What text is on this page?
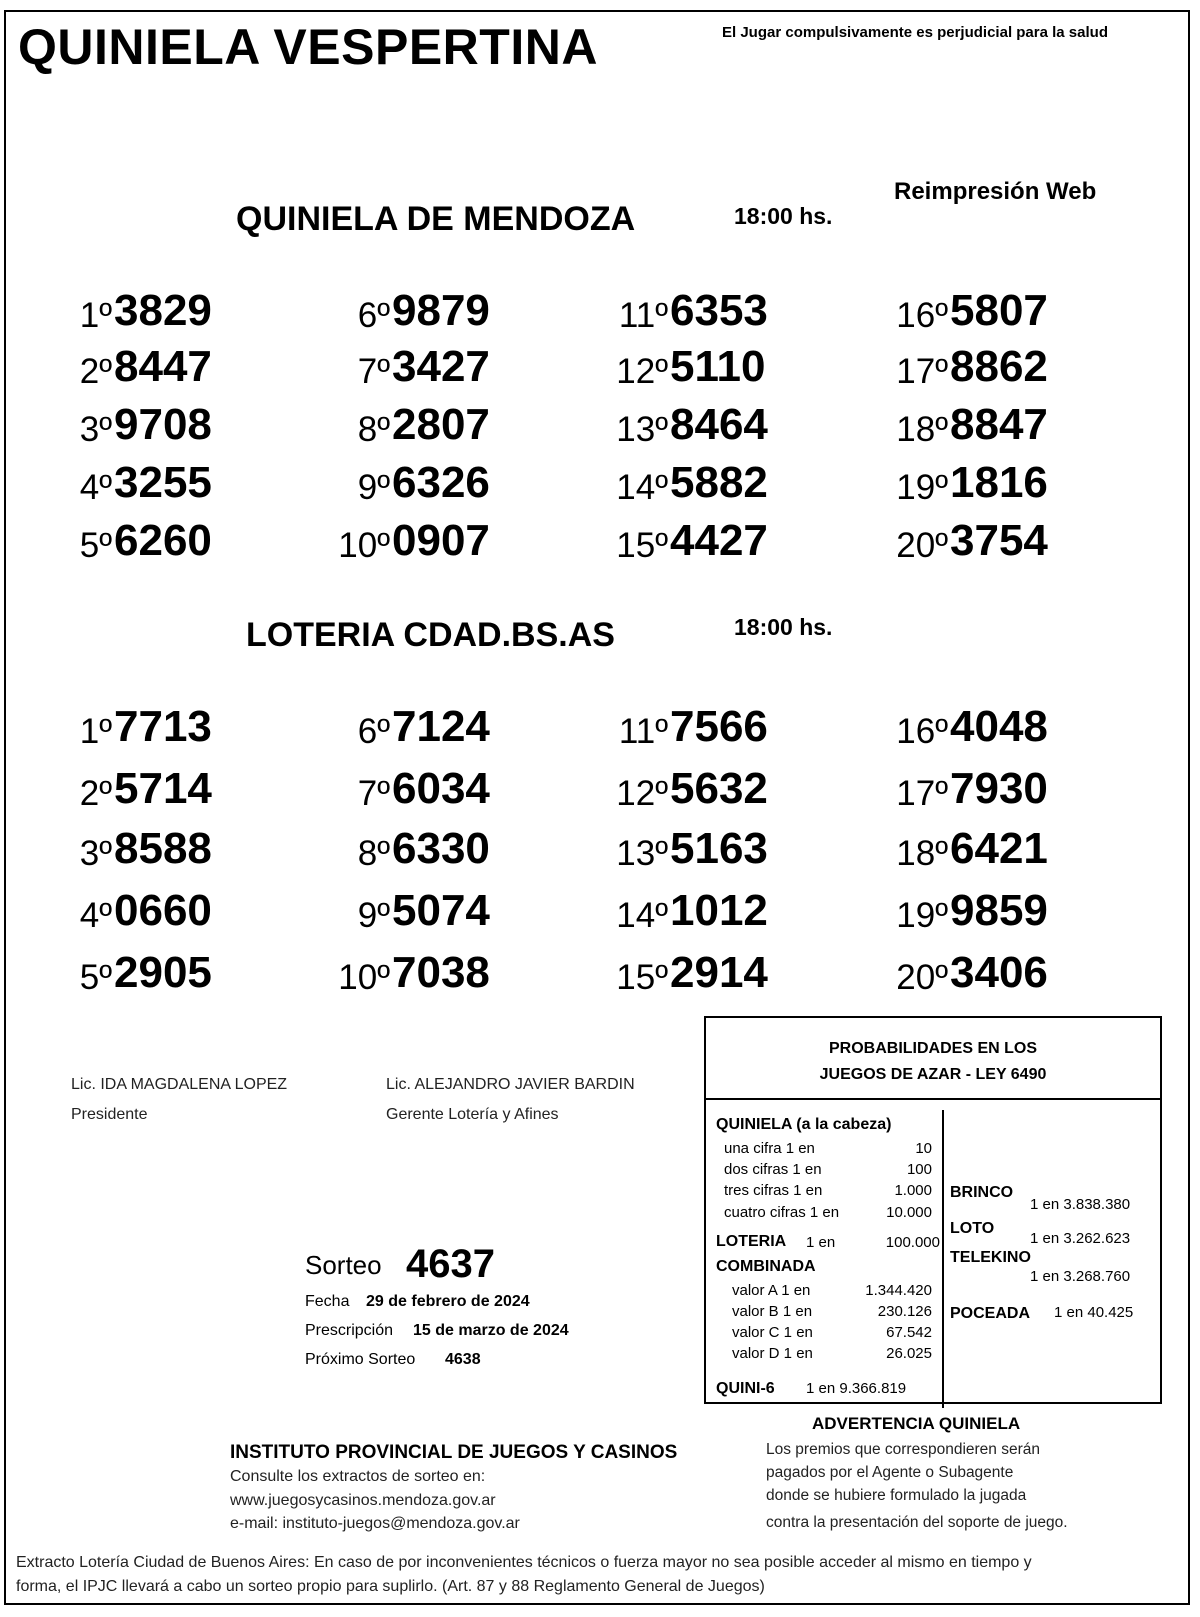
QUINIELA VESPERTINA	El Jugar compulsivamente es perjudicial para la salud
Reimpresión Web
QUINIELA DE MENDOZA	18:00 hs.
1º 3829
2º 8447
3º 9708
4º 3255
5º 6260
6º 9879
7º 3427
8º 2807
9º 6326
10º 0907
11º 6353
12º 5110
13º 8464
14º 5882
15º 4427
16º 5807
17º 8862
18º 8847
19º 1816
20º 3754
LOTERIA CDAD.BS.AS	18:00 hs.
1º 7713
2º 5714
3º 8588
4º 0660
5º 2905
6º 7124
7º 6034
8º 6330
9º 5074
10º 7038
11º 7566
12º 5632
13º 5163
14º 1012
15º 2914
16º 4048
17º 7930
18º 6421
19º 9859
20º 3406
Lic. IDA MAGDALENA LOPEZ
Presidente
Lic. ALEJANDRO JAVIER BARDIN
Gerente Lotería y Afines
Sorteo 4637
Fecha 29 de febrero de 2024
Prescripción 15 de marzo de 2024
Próximo Sorteo 4638
PROBABILIDADES EN LOS
JUEGOS DE AZAR - LEY 6490
QUINIELA (a la cabeza)
una cifra 1 en	10
dos cifras 1 en	100
tres cifras 1 en	1.000
cuatro cifras 1 en	10.000
LOTERIA 1 en	100.000
COMBINADA
valor A 1 en	1.344.420
valor B 1 en	230.126
valor C 1 en	67.542
valor D 1 en	26.025
QUINI-6 1 en 9.366.819
BRINCO
1 en 3.838.380
LOTO
1 en 3.262.623
TELEKINO
1 en 3.268.760
POCEADA 1 en 40.425
ADVERTENCIA QUINIELA
Los premios que correspondieren serán
pagados por el Agente o Subagente
donde se hubiere formulado la jugada
contra la presentación del soporte de juego.
INSTITUTO PROVINCIAL DE JUEGOS Y CASINOS
Consulte los extractos de sorteo en:
www.juegosycasinos.mendoza.gov.ar
e-mail: instituto-juegos@mendoza.gov.ar
Extracto Lotería Ciudad de Buenos Aires: En caso de por inconvenientes técnicos o fuerza mayor no sea posible acceder al mismo en tiempo y
forma, el IPJC llevará a cabo un sorteo propio para suplirlo. (Art. 87 y 88 Reglamento General de Juegos)
